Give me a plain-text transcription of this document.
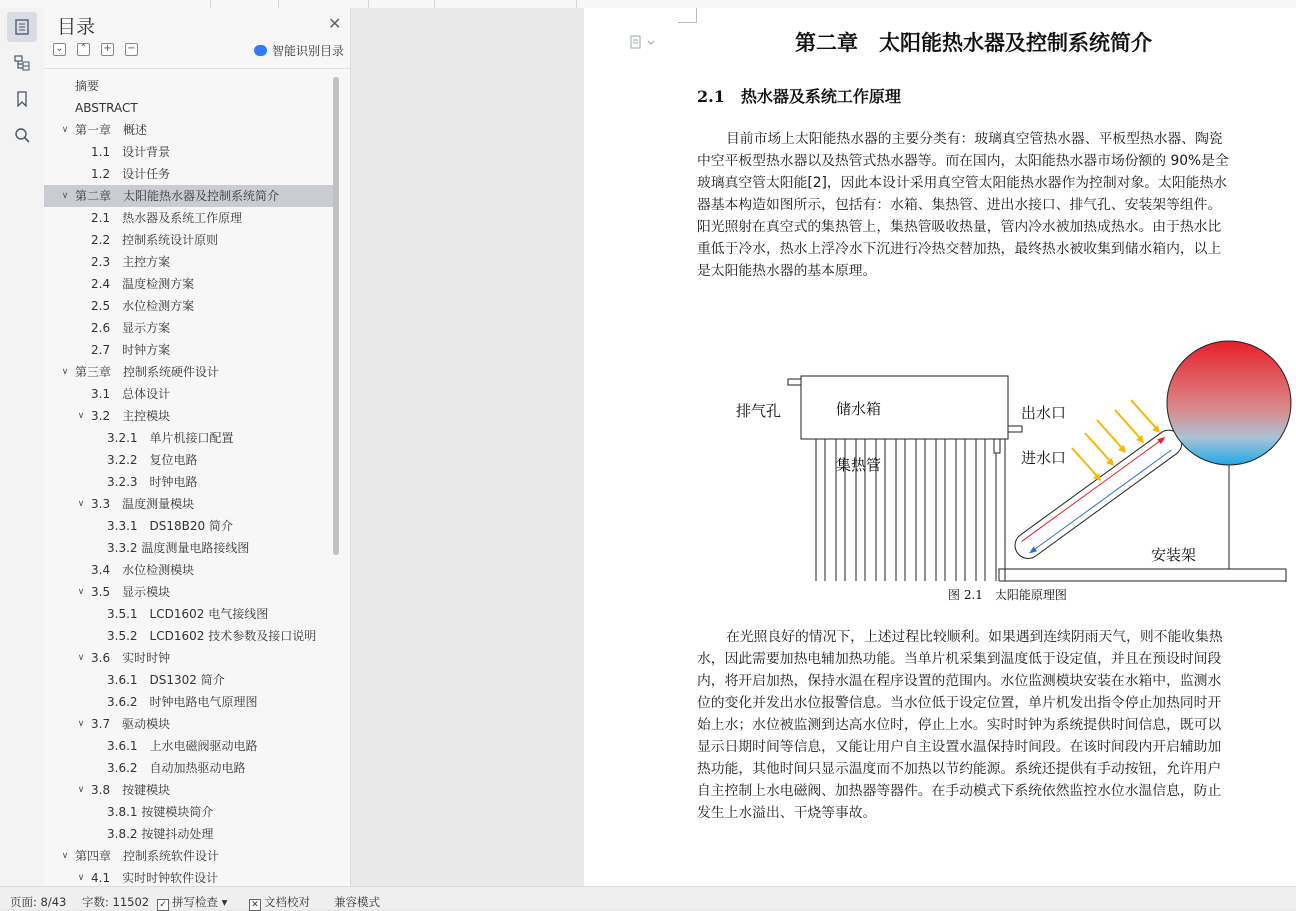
目录	✕
⌄ ⌃ + −	智能识别目录
摘要
ABSTRACT
∨ 第一章　概述
1.1　设计背景
1.2　设计任务
∨ 第二章　太阳能热水器及控制系统简介
2.1　热水器及系统工作原理
2.2　控制系统设计原则
2.3　主控方案
2.4　温度检测方案
2.5　水位检测方案
2.6　显示方案
2.7　时钟方案
∨ 第三章　控制系统硬件设计
3.1　总体设计
∨ 3.2　主控模块
3.2.1　单片机接口配置
3.2.2　复位电路
3.2.3　时钟电路
∨ 3.3　温度测量模块
3.3.1　DS18B20 简介
3.3.2 温度测量电路接线图
3.4　水位检测模块
∨ 3.5　显示模块
3.5.1　LCD1602 电气接线图
3.5.2　LCD1602 技术参数及接口说明
∨ 3.6　实时时钟
3.6.1　DS1302 简介
3.6.2　时钟电路电气原理图
∨ 3.7　驱动模块
3.6.1　上水电磁阀驱动电路
3.6.2　自动加热驱动电路
∨ 3.8　按键模块
3.8.1 按键模块简介
3.8.2 按键抖动处理
∨ 第四章　控制系统软件设计
∨ 4.1　实时时钟软件设计
第二章　太阳能热水器及控制系统简介
2.1　热水器及系统工作原理
目前市场上太阳能热水器的主要分类有：玻璃真空管热水器、平板型热水器、陶瓷
中空平板型热水器以及热管式热水器等。而在国内，太阳能热水器市场份额的 90%是全
玻璃真空管太阳能[2]，因此本设计采用真空管太阳能热水器作为控制对象。太阳能热水
器基本构造如图所示，包括有：水箱、集热管、进出水接口、排气孔、安装架等组件。
阳光照射在真空式的集热管上，集热管吸收热量，管内冷水被加热成热水。由于热水比
重低于冷水，热水上浮冷水下沉进行冷热交替加热，最终热水被收集到储水箱内，以上
是太阳能热水器的基本原理。
排气孔	储水箱	出水口
进水口
集热管
安装架
图 2.1　太阳能原理图
在光照良好的情况下，上述过程比较顺利。如果遇到连续阴雨天气，则不能收集热
水，因此需要加热电辅加热功能。当单片机采集到温度低于设定值，并且在预设时间段
内，将开启加热，保持水温在程序设置的范围内。水位监测模块安装在水箱中，监测水
位的变化并发出水位报警信息。当水位低于设定位置，单片机发出指令停止加热同时开
始上水；水位被监测到达高水位时，停止上水。实时时钟为系统提供时间信息，既可以
显示日期时间等信息，又能让用户自主设置水温保持时间段。在该时间段内开启辅助加
热功能，其他时间只显示温度而不加热以节约能源。系统还提供有手动按钮，允许用户
自主控制上水电磁阀、加热器等器件。在手动模式下系统依然监控水位水温信息，防止
发生上水溢出、干烧等事故。
页面: 8/43 字数: 11502 ✓ 拼写检查 ▾	✕ 文档校对 兼容模式
